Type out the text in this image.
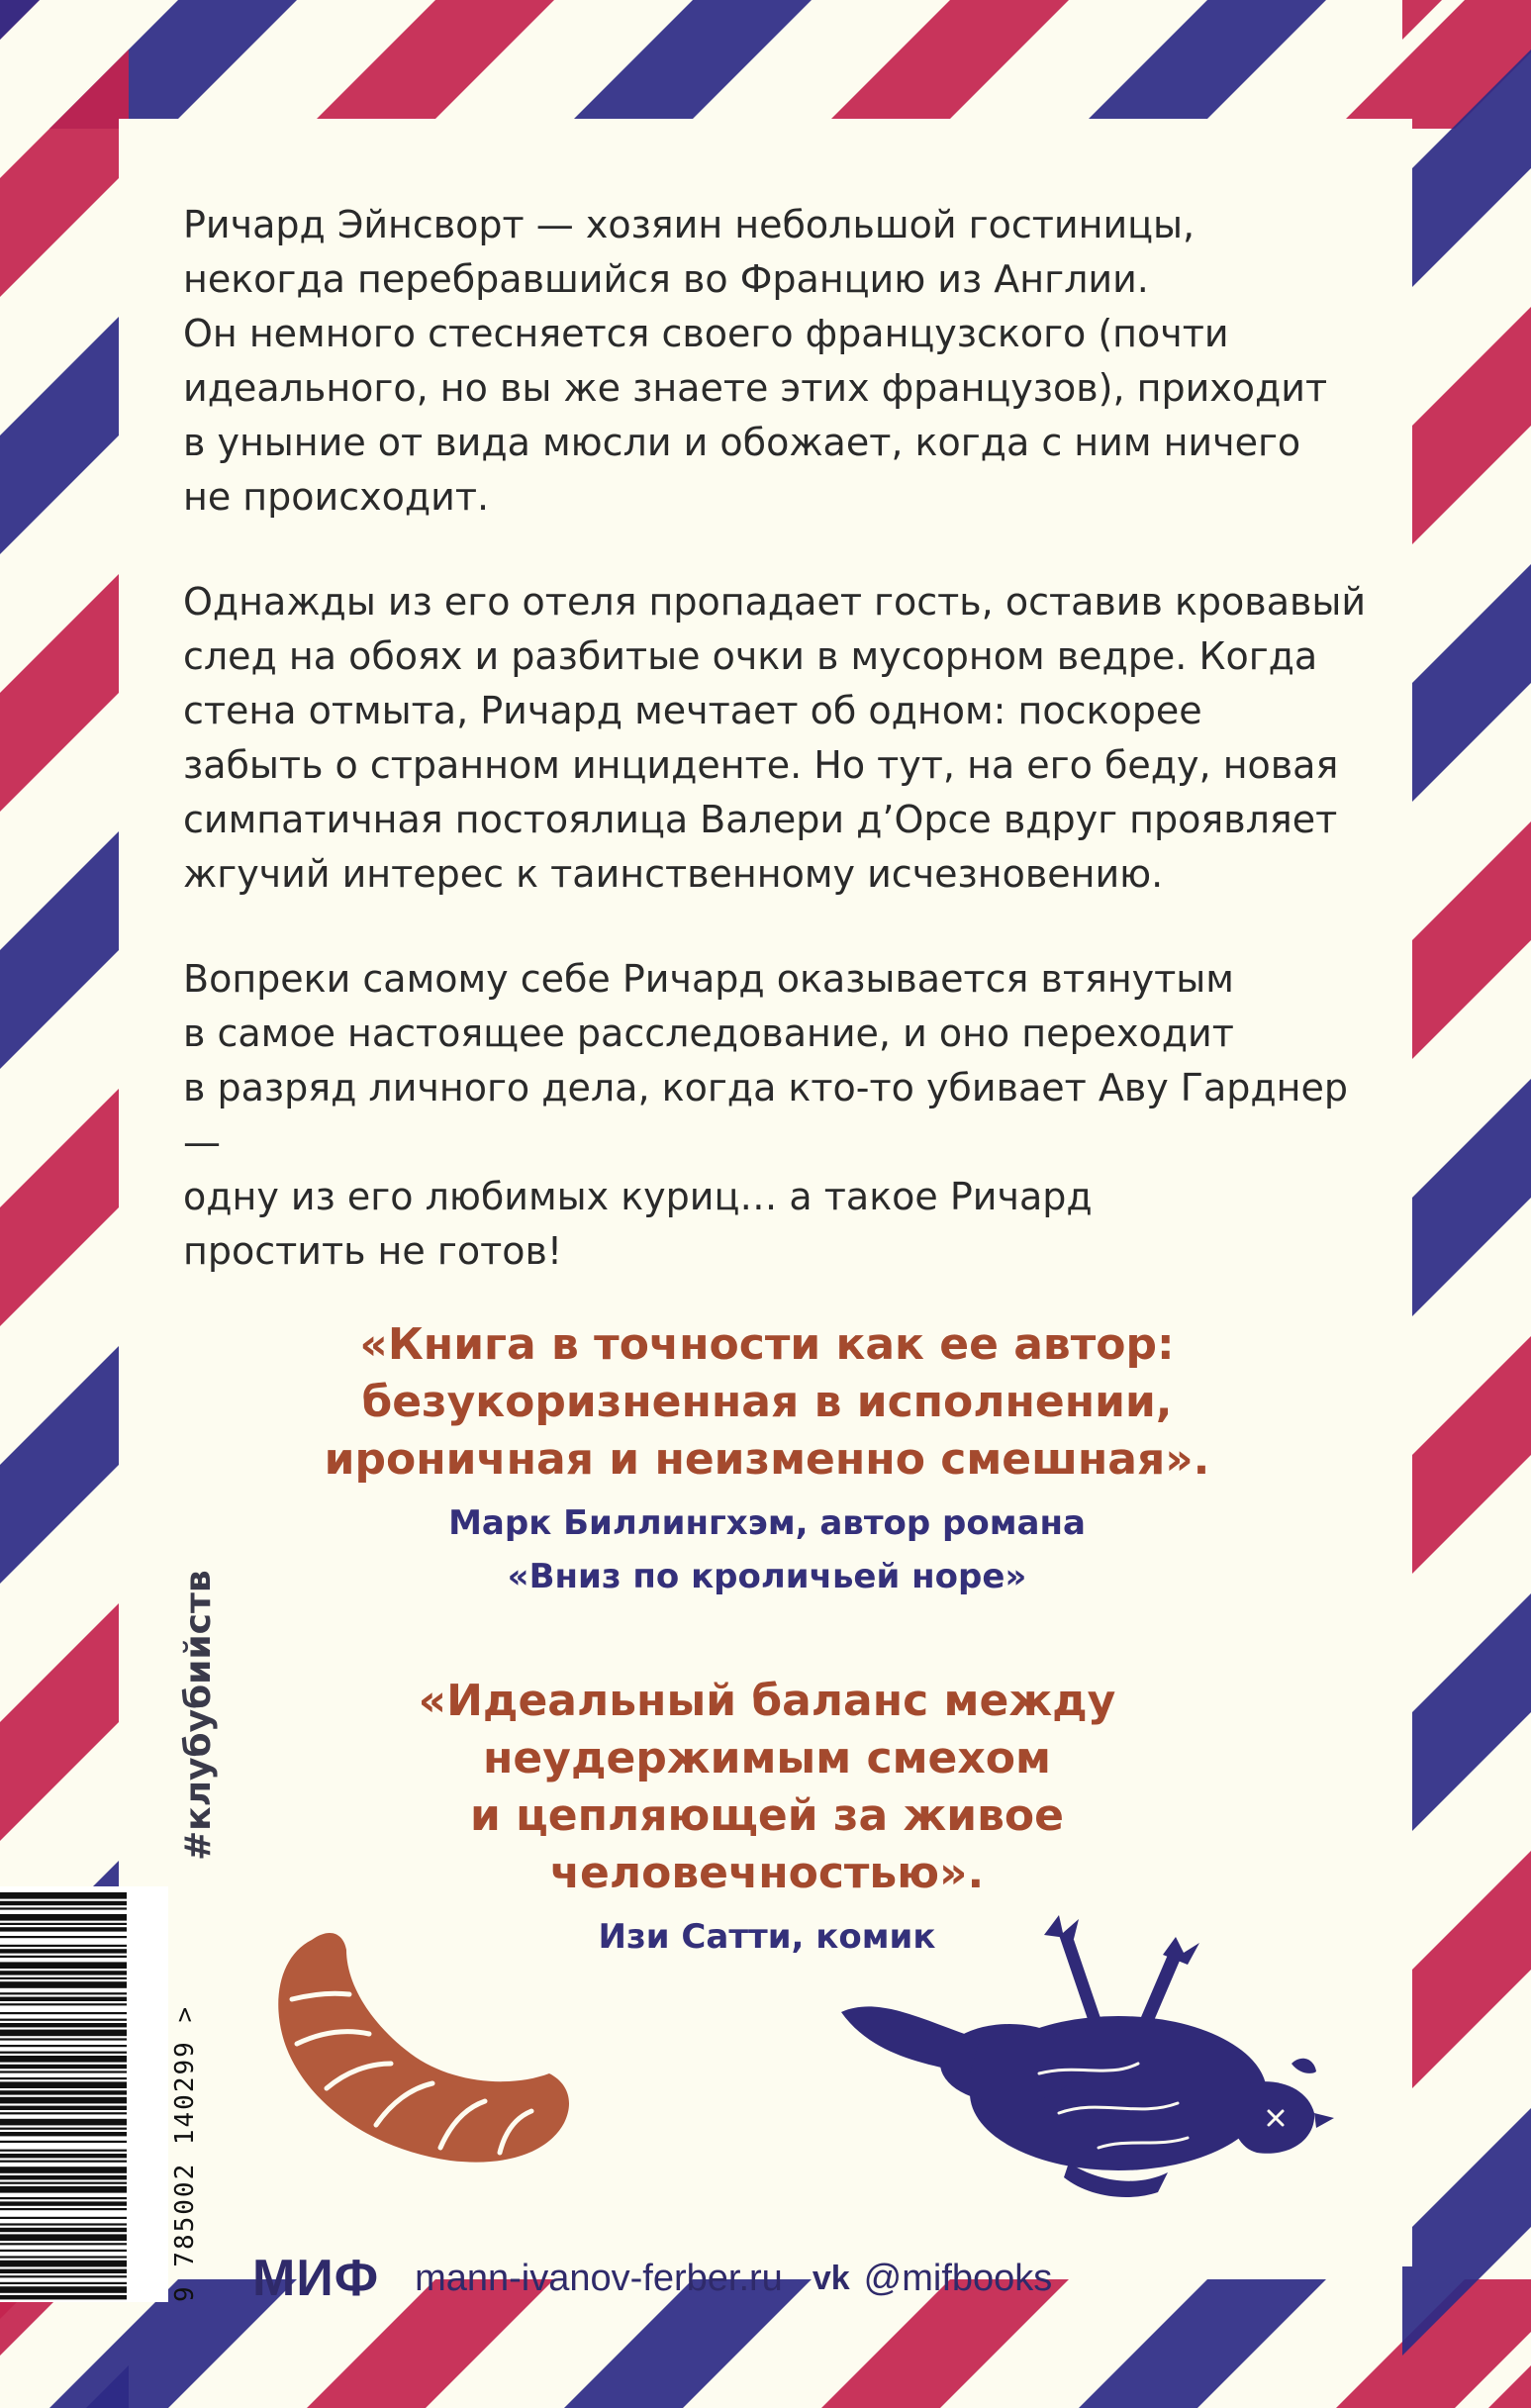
Ричард Эйнсворт — хозяин небольшой гостиницы,
некогда перебравшийся во Францию из Англии.
Он немного стесняется своего французского (почти
идеального, но вы же знаете этих французов), приходит
в уныние от вида мюсли и обожает, когда с ним ничего
не происходит.

Однажды из его отеля пропадает гость, оставив кровавый
след на обоях и разбитые очки в мусорном ведре. Когда
стена отмыта, Ричард мечтает об одном: поскорее
забыть о странном инциденте. Но тут, на его беду, новая
симпатичная постоялица Валери д’Орсе вдруг проявляет
жгучий интерес к таинственному исчезновению.

Вопреки самому себе Ричард оказывается втянутым
в самое настоящее расследование, и оно переходит
в разряд личного дела, когда кто-то убивает Аву Гарднер —
одну из его любимых куриц… а такое Ричард
простить не готов!

«Книга в точности как ее автор:
безукоризненная в исполнении,
ироничная и неизменно смешная».
Марк Биллингхэм, автор романа
«Вниз по кроличьей норе»
«Идеальный баланс между
неудержимым смехом
и цепляющей за живое
человечностью».
Изи Сатти, комик
#клубубийств
9 785002 140299 >
МИФ mann-ivanov-ferber.ru vk @mifbooks
